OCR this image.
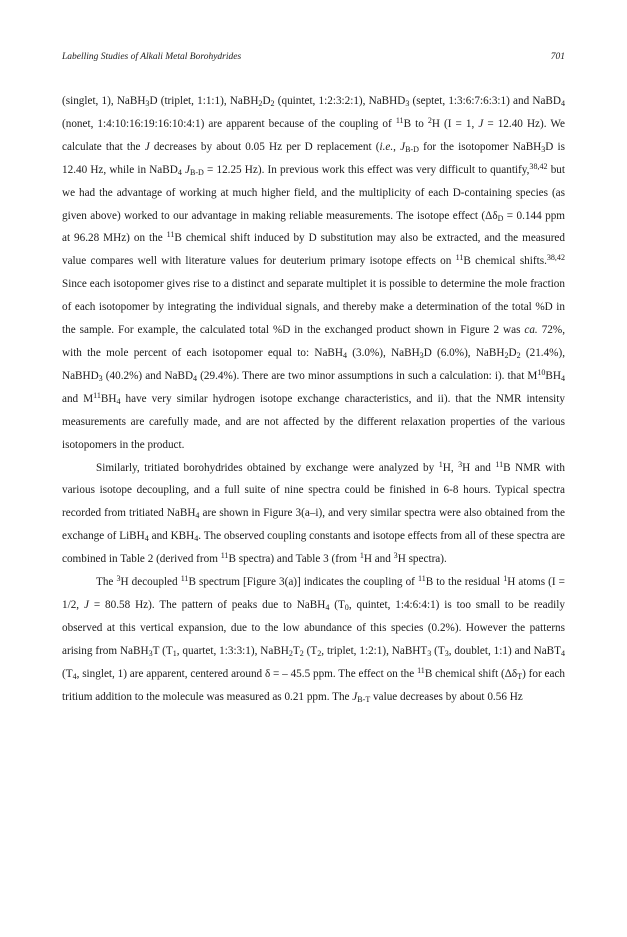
Labelling Studies of Alkali Metal Borohydrides	701

(singlet, 1), NaBH$_3$D (triplet, 1:1:1), $NaBH_2D_2$ (quintet, 1:2:3:2:1), NaBHD$_3$ (septet, 1:3:6:7:6:3:1) and NaBD$_4$ (nonet, 1:4:10:16:19:16:10:4:1) are apparent because of the coupling of $^{11}$B to $^2$H (I = 1, J = 12.40 Hz). We calculate that the J decreases by about 0.05 Hz per D replacement (i.e., $J_{B-D}$ for the isotopomer NaBH$_3$D is 12.40 Hz, while in NaBD$_4$ $J_{B-D} = 12.25$ Hz). In previous work this effect was very difficult to quantify,$^{38,42}$ but we had the advantage of working at much higher field, and the multiplicity of each D-containing species (as given above) worked to our advantage in making reliable measurements. The isotope effect ($\Delta\delta_D = 0.144$ ppm at 96.28 MHz) on the $^{11}$B chemical shift induced by D substitution may also be extracted, and the measured value compares well with literature values for deuterium primary isotope effects on $^{11}$B chemical shifts.$^{38,42}$ Since each isotopomer gives rise to a distinct and separate multiplet it is possible to determine the mole fraction of each isotopomer by integrating the individual signals, and thereby make a determination of the total %D in the sample. For example, the calculated total %D in the exchanged product shown in Figure 2 was ca. 72%, with the mole percent of each isotopomer equal to: NaBH$_4$ (3.0%), NaBH$_3$D (6.0%), $NaBH_2D_2$ (21.4%), NaBHD$_3$ (40.2%) and NaBD$_4$ (29.4%). There are two minor assumptions in such a calculation: i). that $M^{10}BH_4$ and $M^{11}BH_4$ have very similar hydrogen isotope exchange characteristics, and ii). that the NMR intensity measurements are carefully made, and are not affected by the different relaxation properties of the various isotopomers in the product.

Similarly, tritiated borohydrides obtained by exchange were analyzed by $^1$H, $^3$H and $^{11}$B NMR with various isotope decoupling, and a full suite of nine spectra could be finished in 6-8 hours. Typical spectra recorded from tritiated NaBH$_4$ are shown in Figure 3(a–i), and very similar spectra were also obtained from the exchange of LiBH$_4$ and $KBH_4$. The observed coupling constants and isotope effects from all of these spectra are combined in Table 2 (derived from $^{11}$B spectra) and Table 3 (from $^1$H and $^3$H spectra).

The $^3$H decoupled $^{11}$B spectrum [Figure 3(a)] indicates the coupling of $^{11}$B to the residual $^1$H atoms (I = 1/2, J = 80.58 Hz). The pattern of peaks due to NaBH$_4$ ($T_0$, quintet, 1:4:6:4:1) is too small to be readily observed at this vertical expansion, due to the low abundance of this species (0.2%). However the patterns arising from NaBH$_3$T ($T_1$, quartet, 1:3:3:1), $NaBH_2T_2$ ($T_2$, triplet, 1:2:1), NaBHT$_3$ ($T_3$, doublet, 1:1) and NaBT$_4$ ($T_4$, singlet, 1) are apparent, centered around δ = – 45.5 ppm. The effect on the $^{11}$B chemical shift $(\Delta\delta_T)$ for each tritium addition to the molecule was measured as 0.21 ppm. The $J_{B-T}$ value decreases by about 0.56 Hz
